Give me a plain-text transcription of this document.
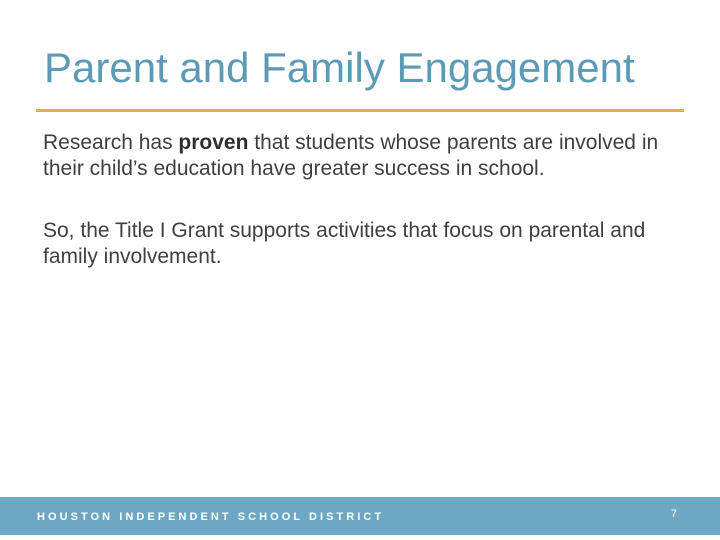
Parent and Family Engagement

Research has proven that students whose parents are involved in their child’s education have greater success in school.

So, the Title I Grant supports activities that focus on parental and family involvement.

HOUSTON INDEPENDENT SCHOOL DISTRICT	7
